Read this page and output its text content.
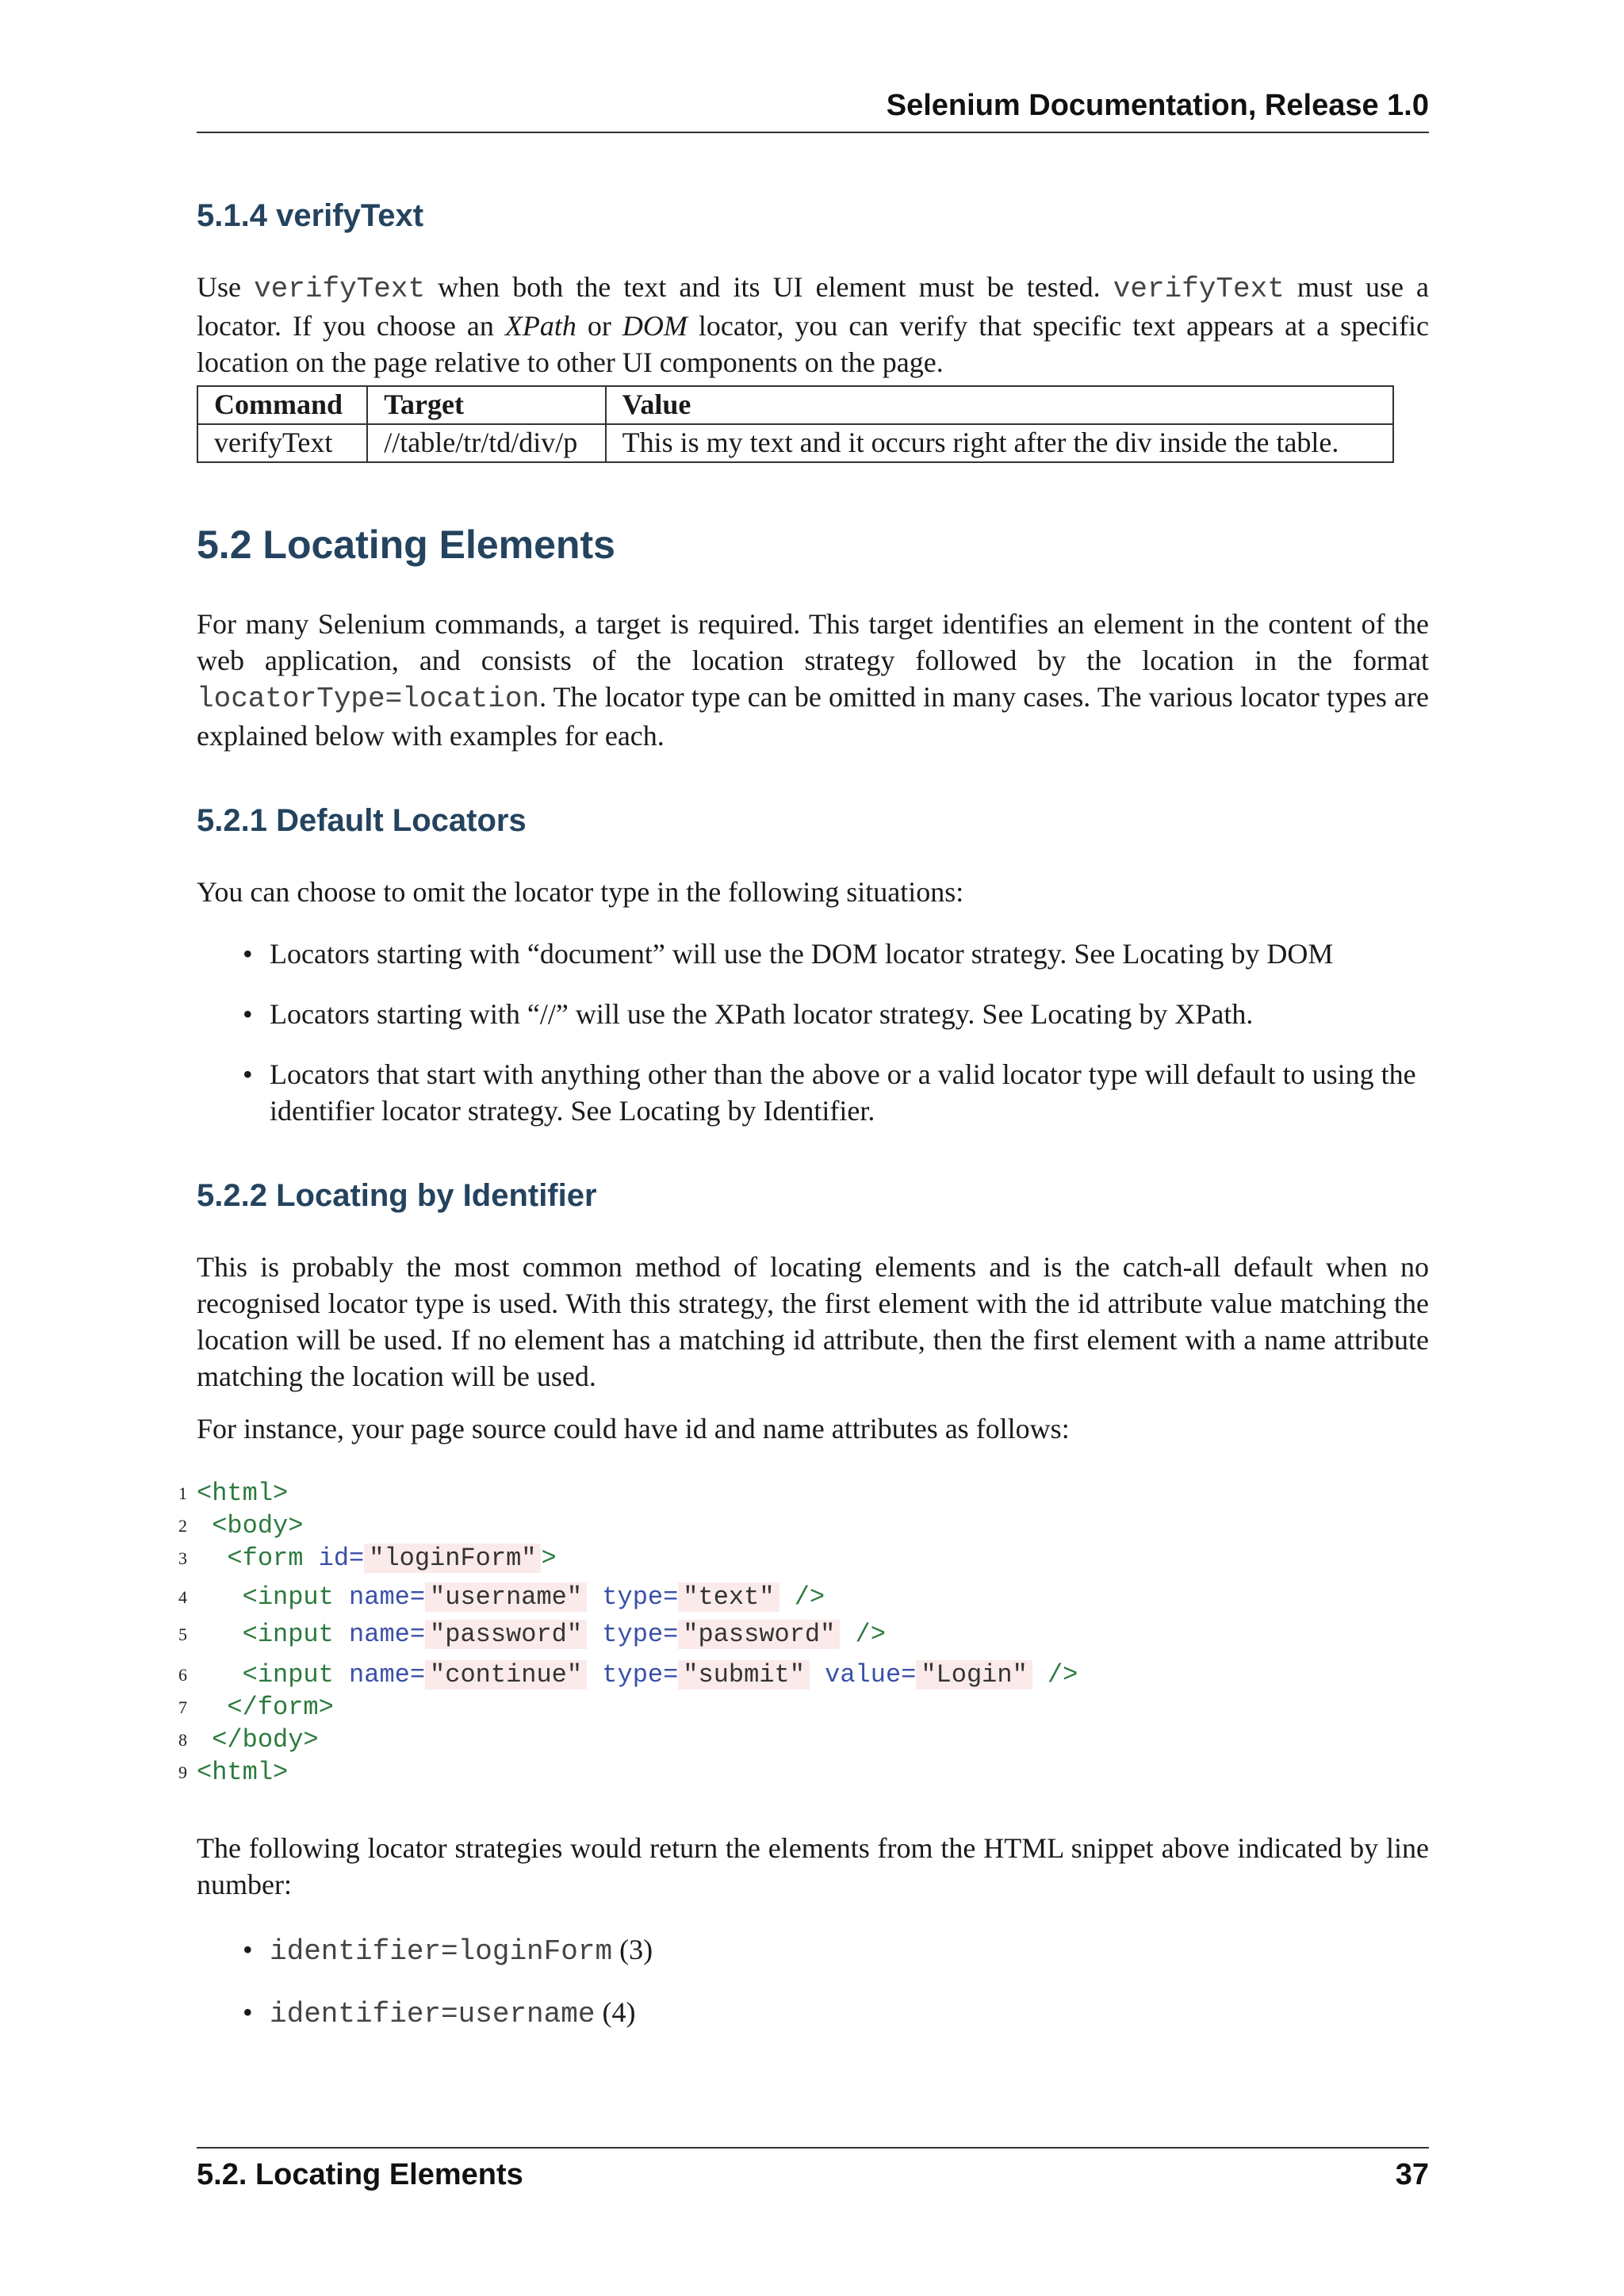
Selenium Documentation, Release 1.0
5.1.4 verifyText

Use verifyText when both the text and its UI element must be tested. verifyText must use a locator. If you choose an XPath or DOM locator, you can verify that specific text appears at a specific location on the page relative to other UI components on the page.

Command	Target	Value
verifyText	//table/tr/td/div/p	This is my text and it occurs right after the div inside the table.
5.2 Locating Elements

For many Selenium commands, a target is required. This target identifies an element in the content of the web application, and consists of the location strategy followed by the location in the format locatorType=location. The locator type can be omitted in many cases. The various locator types are explained below with examples for each.

5.2.1 Default Locators

You can choose to omit the locator type in the following situations:

• Locators starting with “document” will use the DOM locator strategy. See Locating by DOM
• Locators starting with “//” will use the XPath locator strategy. See Locating by XPath.
• Locators that start with anything other than the above or a valid locator type will default to using the identifier locator strategy. See Locating by Identifier.
5.2.2 Locating by Identifier

This is probably the most common method of locating elements and is the catch-all default when no recognised locator type is used. With this strategy, the first element with the id attribute value matching the location will be used. If no element has a matching id attribute, then the first element with a name attribute matching the location will be used.

For instance, your page source could have id and name attributes as follows:

1 <html>
2 <body>
3 <form id= "loginForm" >
4 <input name= "username" type= "text" />
5 <input name= "password" type= "password" />
6 <input name= "continue" type= "submit" value= "Login" />
7 </form>
8 </body>
9 <html>

The following locator strategies would return the elements from the HTML snippet above indicated by line number:

• identifier=loginForm (3)
• identifier=username (4)
5.2. Locating Elements	37
